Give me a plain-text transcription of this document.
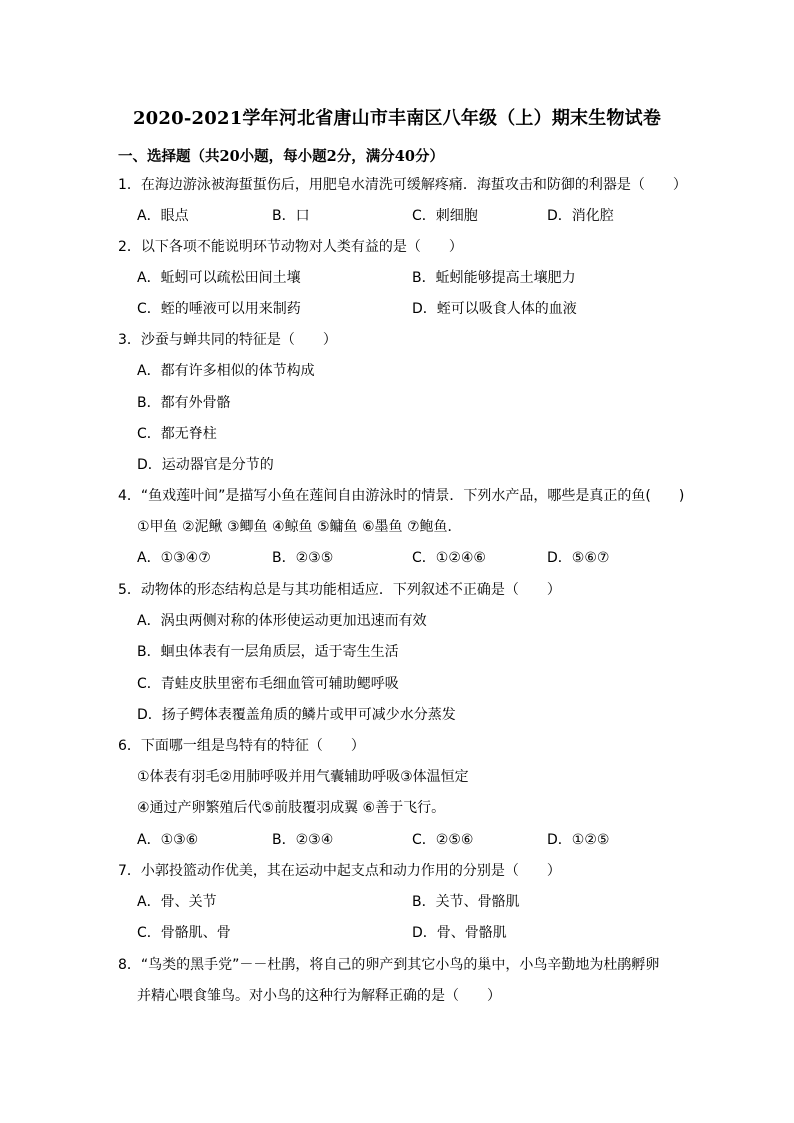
2020-2021学年河北省唐山市丰南区八年级（上）期末生物试卷
一、选择题（共20小题，每小题2分，满分40分）
1．在海边游泳被海蜇蜇伤后，用肥皂水清洗可缓解疼痛．海蜇攻击和防御的利器是（　　）
A．眼点	B．口	C．刺细胞	D．消化腔
2．以下各项不能说明环节动物对人类有益的是（　　）
A．蚯蚓可以疏松田间土壤	B．蚯蚓能够提高土壤肥力
C．蛭的唾液可以用来制药	D．蛭可以吸食人体的血液
3．沙蚕与蝉共同的特征是（　　）
A．都有许多相似的体节构成
B．都有外骨骼
C．都无脊柱
D．运动器官是分节的
4．“鱼戏莲叶间”是描写小鱼在莲间自由游泳时的情景．下列水产品，哪些是真正的鱼(　　)
①甲鱼 ②泥鳅 ③鲫鱼 ④鲸鱼 ⑤鳙鱼 ⑥墨鱼 ⑦鲍鱼．
A．①③④⑦	B．②③⑤	C．①②④⑥	D．⑤⑥⑦
5．动物体的形态结构总是与其功能相适应．下列叙述不正确是（　　）
A．涡虫两侧对称的体形使运动更加迅速而有效
B．蛔虫体表有一层角质层，适于寄生生活
C．青蛙皮肤里密布毛细血管可辅助鳃呼吸
D．扬子鳄体表覆盖角质的鳞片或甲可减少水分蒸发
6．下面哪一组是鸟特有的特征（　　）
①体表有羽毛②用肺呼吸并用气囊辅助呼吸③体温恒定
④通过产卵繁殖后代⑤前肢覆羽成翼 ⑥善于飞行。
A．①③⑥	B．②③④	C．②⑤⑥	D．①②⑤
7．小郭投篮动作优美，其在运动中起支点和动力作用的分别是（　　）
A．骨、关节	B．关节、骨骼肌
C．骨骼肌、骨	D．骨、骨骼肌
8．“鸟类的黑手党”－－杜鹃，将自己的卵产到其它小鸟的巢中，小鸟辛勤地为杜鹃孵卵
并精心喂食雏鸟。对小鸟的这种行为解释正确的是（　　）
